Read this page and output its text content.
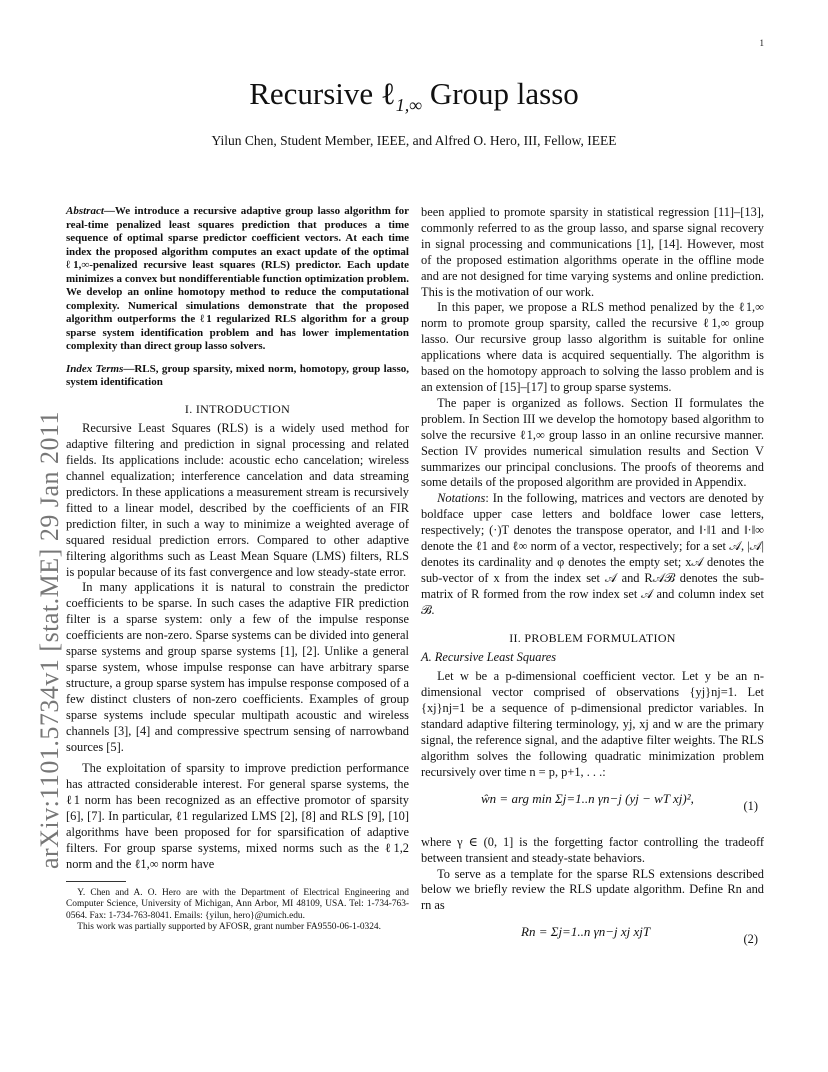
1
arXiv:1101.5734v1 [stat.ME] 29 Jan 2011
Recursive ℓ$_{1,\infty}$ Group lasso
Yilun Chen, Student Member, IEEE, and Alfred O. Hero, III, Fellow, IEEE

Abstract—We introduce a recursive adaptive group lasso algorithm for real-time penalized least squares prediction that produces a time sequence of optimal sparse predictor coefficient vectors. At each time index the proposed algorithm computes an exact update of the optimal ℓ1,∞-penalized recursive least squares (RLS) predictor. Each update minimizes a convex but nondifferentiable function optimization problem. We develop an online homotopy method to reduce the computational complexity. Numerical simulations demonstrate that the proposed algorithm outperforms the ℓ1 regularized RLS algorithm for a group sparse system identification problem and has lower implementation complexity than direct group lasso solvers.

Index Terms—RLS, group sparsity, mixed norm, homotopy, group lasso, system identification

I. INTRODUCTION

Recursive Least Squares (RLS) is a widely used method for adaptive filtering and prediction in signal processing and related fields. Its applications include: acoustic echo cancelation; wireless channel equalization; interference cancelation and data streaming predictors. In these applications a measurement stream is recursively fitted to a linear model, described by the coefficients of an FIR prediction filter, in such a way to minimize a weighted average of squared residual prediction errors. Compared to other adaptive filtering algorithms such as Least Mean Square (LMS) filters, RLS is popular because of its fast convergence and low steady-state error.

In many applications it is natural to constrain the predictor coefficients to be sparse. In such cases the adaptive FIR prediction filter is a sparse system: only a few of the impulse response coefficients are non-zero. Sparse systems can be divided into general sparse systems and group sparse systems [1], [2]. Unlike a general sparse system, whose impulse response can have arbitrary sparse structure, a group sparse system has impulse response composed of a few distinct clusters of non-zero coefficients. Examples of group sparse systems include specular multipath acoustic and wireless channels [3], [4] and compressive spectrum sensing of narrowband sources [5].

The exploitation of sparsity to improve prediction performance has attracted considerable interest. For general sparse systems, the ℓ1 norm has been recognized as an effective promotor of sparsity [6], [7]. In particular, ℓ1 regularized LMS [2], [8] and RLS [9], [10] algorithms have been proposed for for sparsification of adaptive filters. For group sparse systems, mixed norms such as the ℓ1,2 norm and the ℓ1,∞ norm have

Y. Chen and A. O. Hero are with the Department of Electrical Engineering and Computer Science, University of Michigan, Ann Arbor, MI 48109, USA. Tel: 1-734-763-0564. Fax: 1-734-763-8041. Emails: {yilun, hero}@umich.edu.

This work was partially supported by AFOSR, grant number FA9550-06-1-0324.

been applied to promote sparsity in statistical regression [11]–[13], commonly referred to as the group lasso, and sparse signal recovery in signal processing and communications [1], [14]. However, most of the proposed estimation algorithms operate in the offline mode and are not designed for time varying systems and online prediction. This is the motivation of our work.

In this paper, we propose a RLS method penalized by the ℓ1,∞ norm to promote group sparsity, called the recursive ℓ1,∞ group lasso. Our recursive group lasso algorithm is suitable for online applications where data is acquired sequentially. The algorithm is based on the homotopy approach to solving the lasso problem and is an extension of [15]–[17] to group sparse systems.

The paper is organized as follows. Section II formulates the problem. In Section III we develop the homotopy based algorithm to solve the recursive ℓ1,∞ group lasso in an online recursive manner. Section IV provides numerical simulation results and Section V summarizes our principal conclusions. The proofs of theorems and some details of the proposed algorithm are provided in Appendix.

Notations: In the following, matrices and vectors are denoted by boldface upper case letters and boldface lower case letters, respectively; (·)T denotes the transpose operator, and ‖·‖1 and ‖·‖∞ denote the ℓ1 and ℓ∞ norm of a vector, respectively; for a set 𝒜, |𝒜| denotes its cardinality and φ denotes the empty set; x𝒜 denotes the sub-vector of x from the index set 𝒜 and R𝒜ℬ denotes the sub-matrix of R formed from the row index set 𝒜 and column index set ℬ.

II. PROBLEM FORMULATION
A. Recursive Least Squares

Let w be a p-dimensional coefficient vector. Let y be an n-dimensional vector comprised of observations {yj}nj=1. Let {xj}nj=1 be a sequence of p-dimensional predictor variables. In standard adaptive filtering terminology, yj, xj and w are the primary signal, the reference signal, and the adaptive filter weights. The RLS algorithm solves the following quadratic minimization problem recursively over time n = p, p+1, . . .:

ŵn = arg min Σj=1..n γn−j (yj − wT xj)²,	(1)

where γ ∈ (0, 1] is the forgetting factor controlling the tradeoff between transient and steady-state behaviors.

To serve as a template for the sparse RLS extensions described below we briefly review the RLS update algorithm. Define Rn and rn as

Rn = Σj=1..n γn−j xj xjT	(2)
